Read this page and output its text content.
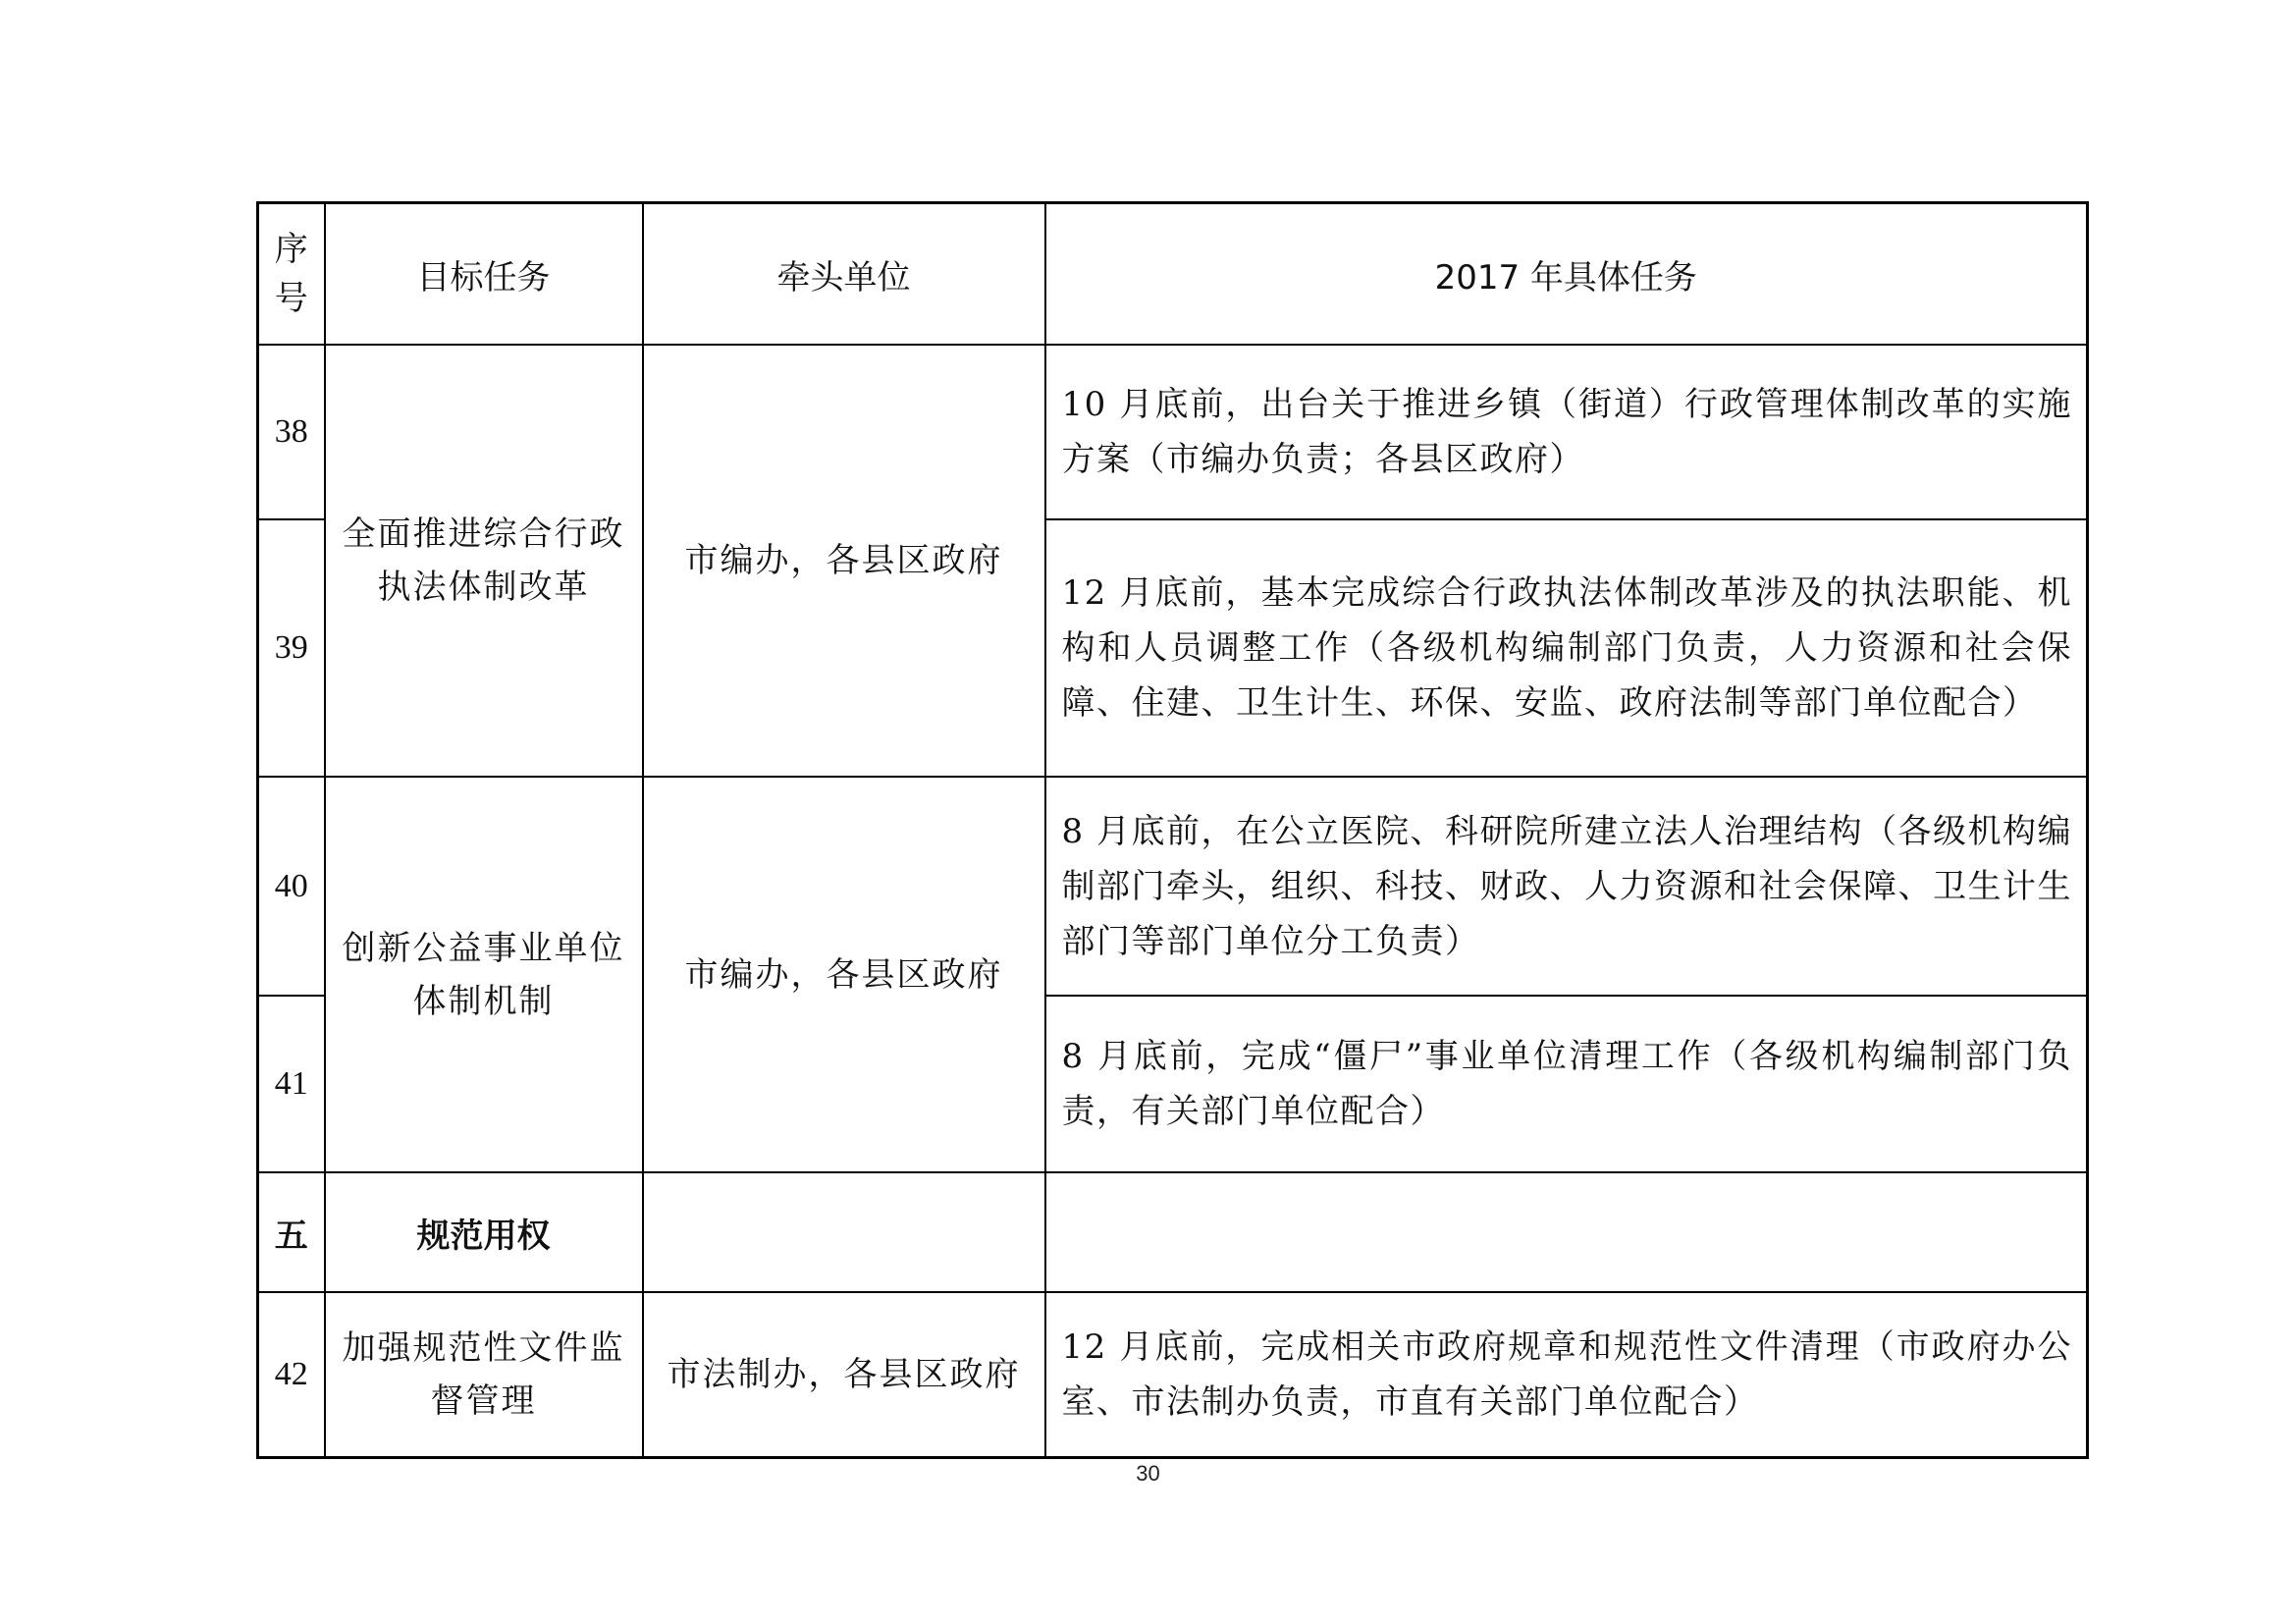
序
号	目标任务	牵头单位	2017 年具体任务
38	全面推进综合行政执法体制改革	市编办，各县区政府	10 月底前，出台关于推进乡镇（街道）行政管理体制改革的实施方案（市编办负责；各县区政府）
39			12 月底前，基本完成综合行政执法体制改革涉及的执法职能、机构和人员调整工作（各级机构编制部门负责，人力资源和社会保障、住建、卫生计生、环保、安监、政府法制等部门单位配合）
40	创新公益事业单位体制机制	市编办，各县区政府	8 月底前，在公立医院、科研院所建立法人治理结构（各级机构编制部门牵头，组织、科技、财政、人力资源和社会保障、卫生计生部门等部门单位分工负责）
41			8 月底前，完成“僵尸”事业单位清理工作（各级机构编制部门负责，有关部门单位配合）
五	规范用权		
42	加强规范性文件监督管理	市法制办，各县区政府	12 月底前，完成相关市政府规章和规范性文件清理（市政府办公室、市法制办负责，市直有关部门单位配合）
30
